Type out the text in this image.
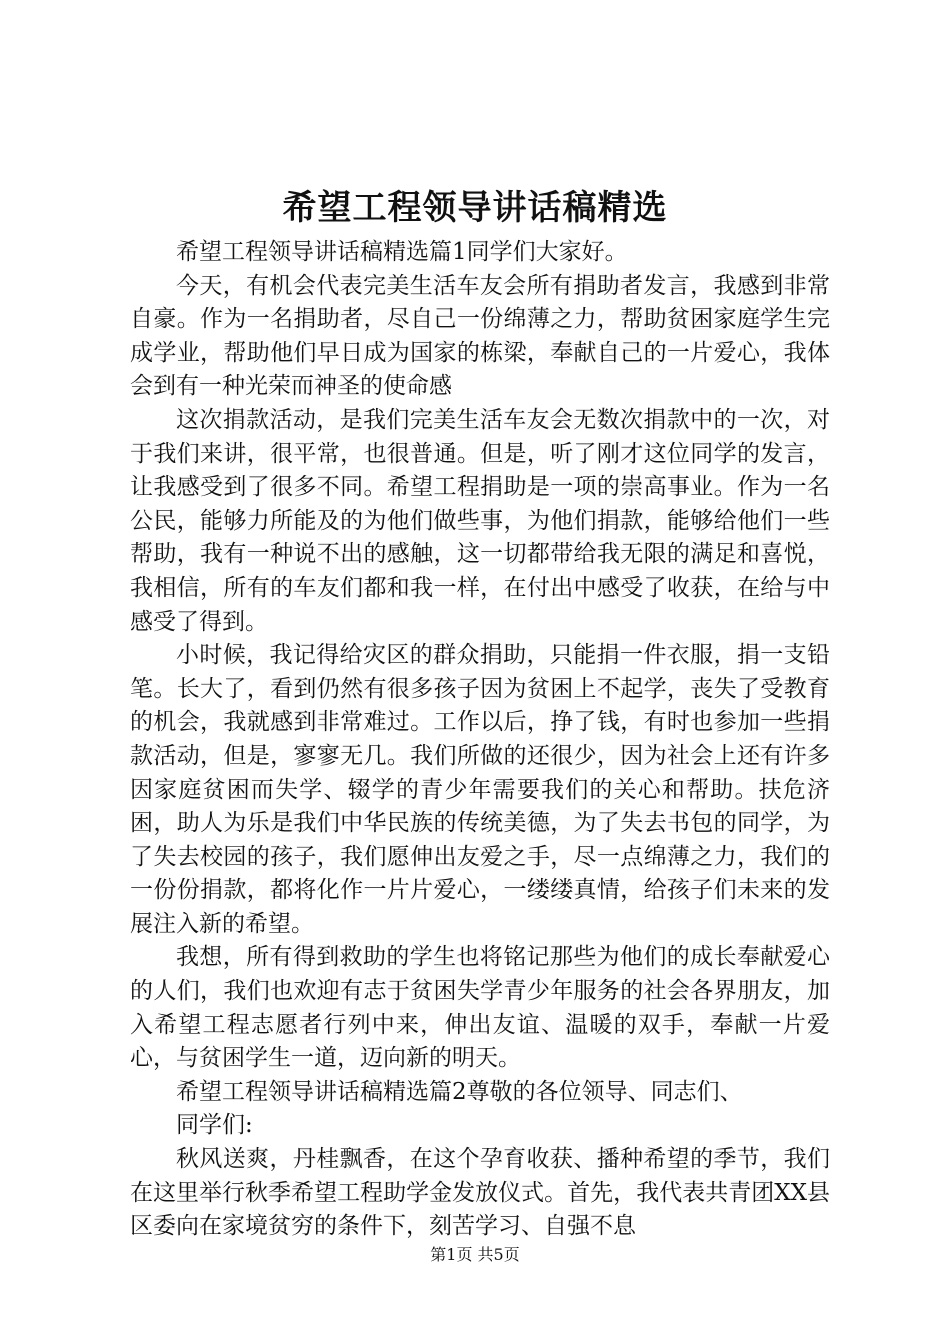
希望工程领导讲话稿精选

希望工程领导讲话稿精选篇1同学们大家好。

今天，有机会代表完美生活车友会所有捐助者发言，我感到非常自豪。作为一名捐助者，尽自己一份绵薄之力，帮助贫困家庭学生完成学业，帮助他们早日成为国家的栋梁，奉献自己的一片爱心，我体会到有一种光荣而神圣的使命感

这次捐款活动，是我们完美生活车友会无数次捐款中的一次，对于我们来讲，很平常，也很普通。但是，听了刚才这位同学的发言，让我感受到了很多不同。希望工程捐助是一项的崇高事业。作为一名公民，能够力所能及的为他们做些事，为他们捐款，能够给他们一些帮助，我有一种说不出的感触，这一切都带给我无限的满足和喜悦，我相信，所有的车友们都和我一样，在付出中感受了收获，在给与中感受了得到。

小时候，我记得给灾区的群众捐助，只能捐一件衣服，捐一支铅笔。长大了，看到仍然有很多孩子因为贫困上不起学，丧失了受教育的机会，我就感到非常难过。工作以后，挣了钱，有时也参加一些捐款活动，但是，寥寥无几。我们所做的还很少，因为社会上还有许多因家庭贫困而失学、辍学的青少年需要我们的关心和帮助。扶危济困，助人为乐是我们中华民族的传统美德，为了失去书包的同学，为了失去校园的孩子，我们愿伸出友爱之手，尽一点绵薄之力，我们的一份份捐款，都将化作一片片爱心，一缕缕真情，给孩子们未来的发展注入新的希望。

我想，所有得到救助的学生也将铭记那些为他们的成长奉献爱心的人们，我们也欢迎有志于贫困失学青少年服务的社会各界朋友，加入希望工程志愿者行列中来，伸出友谊、温暖的双手，奉献一片爱心，与贫困学生一道，迈向新的明天。

希望工程领导讲话稿精选篇2尊敬的各位领导、同志们、

同学们:

秋风送爽，丹桂飘香，在这个孕育收获、播种希望的季节，我们在这里举行秋季希望工程助学金发放仪式。首先，我代表共青团XX县区委向在家境贫穷的条件下，刻苦学习、自强不息

第1页 共5页
